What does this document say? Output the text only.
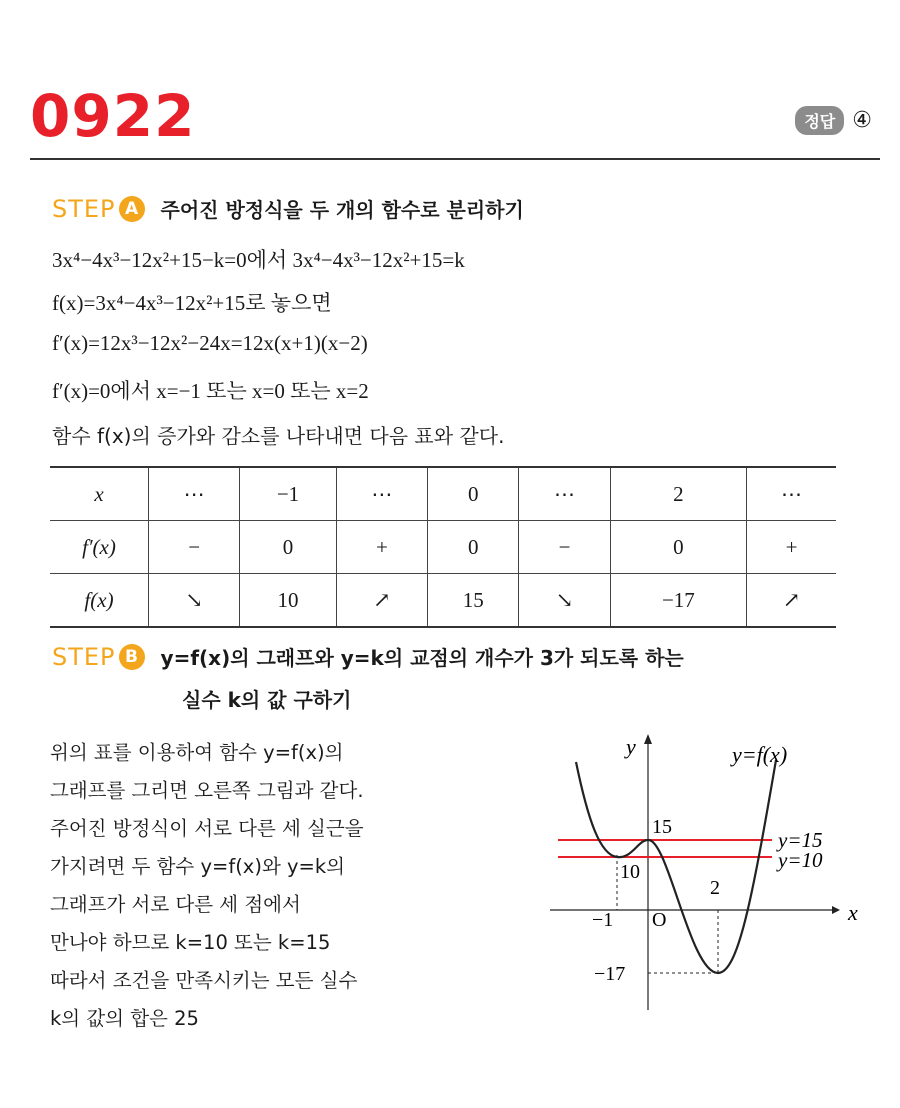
0922	정답 ④
STEP A	주어진 방정식을 두 개의 함수로 분리하기
3x⁴−4x³−12x²+15−k=0에서 3x⁴−4x³−12x²+15=k
f(x)=3x⁴−4x³−12x²+15로 놓으면
f′(x)=12x³−12x²−24x=12x(x+1)(x−2)
f′(x)=0에서 x=−1 또는 x=0 또는 x=2
함수 f(x)의 증가와 감소를 나타내면 다음 표와 같다.
x	⋯	−1	⋯	0	⋯	2	⋯
f′(x)	−	0	+	0	−	0	+
f(x)	↘	10	↗	15	↘	−17	↗
STEP B	y=f(x)의 그래프와 y=k의 교점의 개수가 3가 되도록 하는
실수 k의 값 구하기
위의 표를 이용하여 함수 y=f(x)의
그래프를 그리면 오른쪽 그림과 같다.
주어진 방정식이 서로 다른 세 실근을
가지려면 두 함수 y=f(x)와 y=k의
그래프가 서로 다른 세 점에서
만나야 하므로 k=10 또는 k=15
따라서 조건을 만족시키는 모든 실수
k의 값의 합은 25
y
x
O
y=f(x)
15
10
−1
2
−17
y=15
y=10
